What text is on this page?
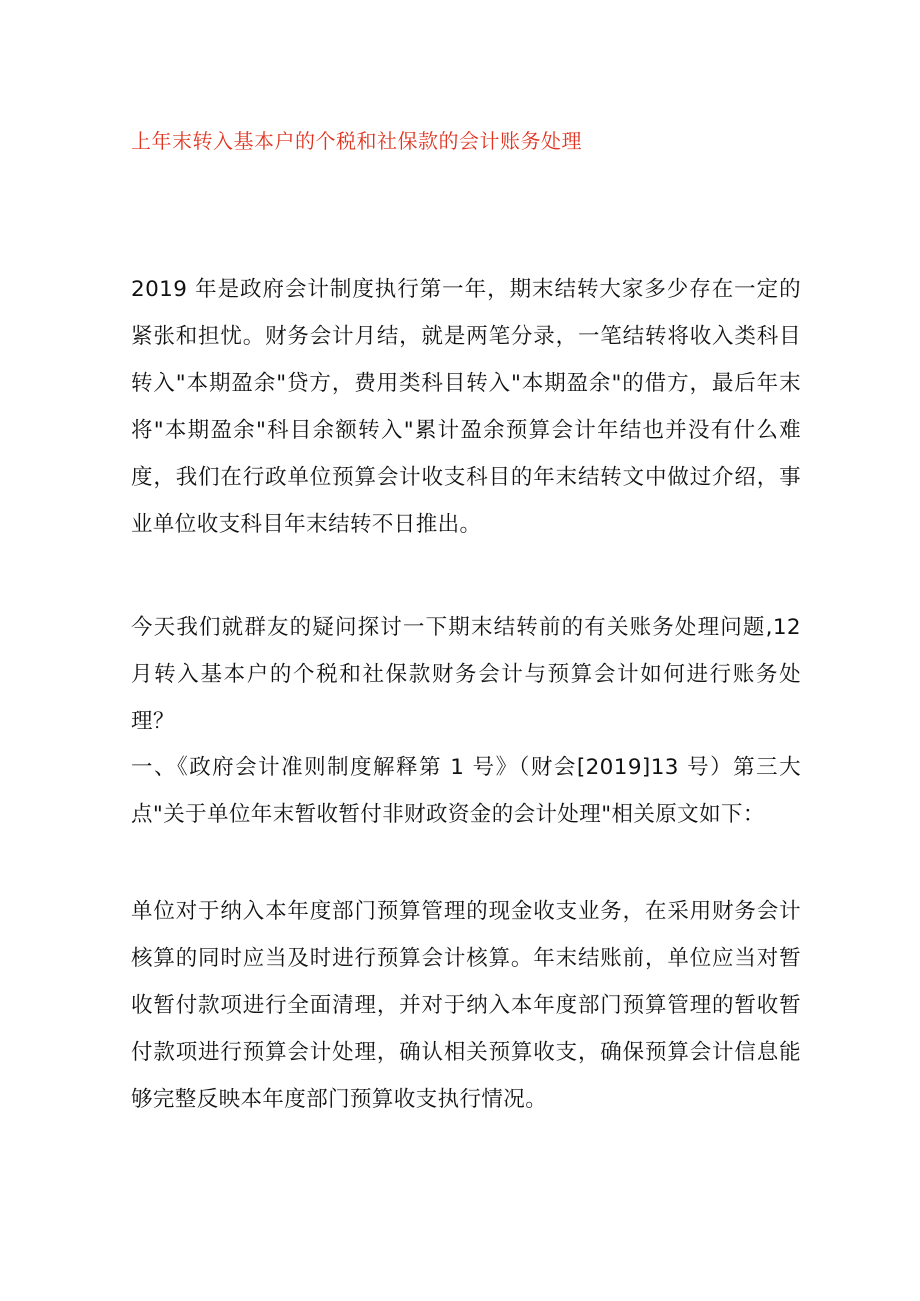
上年末转入基本户的个税和社保款的会计账务处理

2019 年是政府会计制度执行第一年，期末结转大家多少存在一定的紧张和担忧。财务会计月结，就是两笔分录，一笔结转将收入类科目转入"本期盈余"贷方，费用类科目转入"本期盈余"的借方，最后年末将"本期盈余"科目余额转入"累计盈余预算会计年结也并没有什么难度，我们在行政单位预算会计收支科目的年末结转文中做过介绍，事业单位收支科目年末结转不日推出。

今天我们就群友的疑问探讨一下期末结转前的有关账务处理问题,12月转入基本户的个税和社保款财务会计与预算会计如何进行账务处理？

一、《政府会计准则制度解释第 1 号》（财会[2019]13 号）第三大点"关于单位年末暂收暂付非财政资金的会计处理"相关原文如下：

单位对于纳入本年度部门预算管理的现金收支业务，在采用财务会计核算的同时应当及时进行预算会计核算。年末结账前，单位应当对暂收暂付款项进行全面清理，并对于纳入本年度部门预算管理的暂收暂付款项进行预算会计处理，确认相关预算收支，确保预算会计信息能够完整反映本年度部门预算收支执行情况。
